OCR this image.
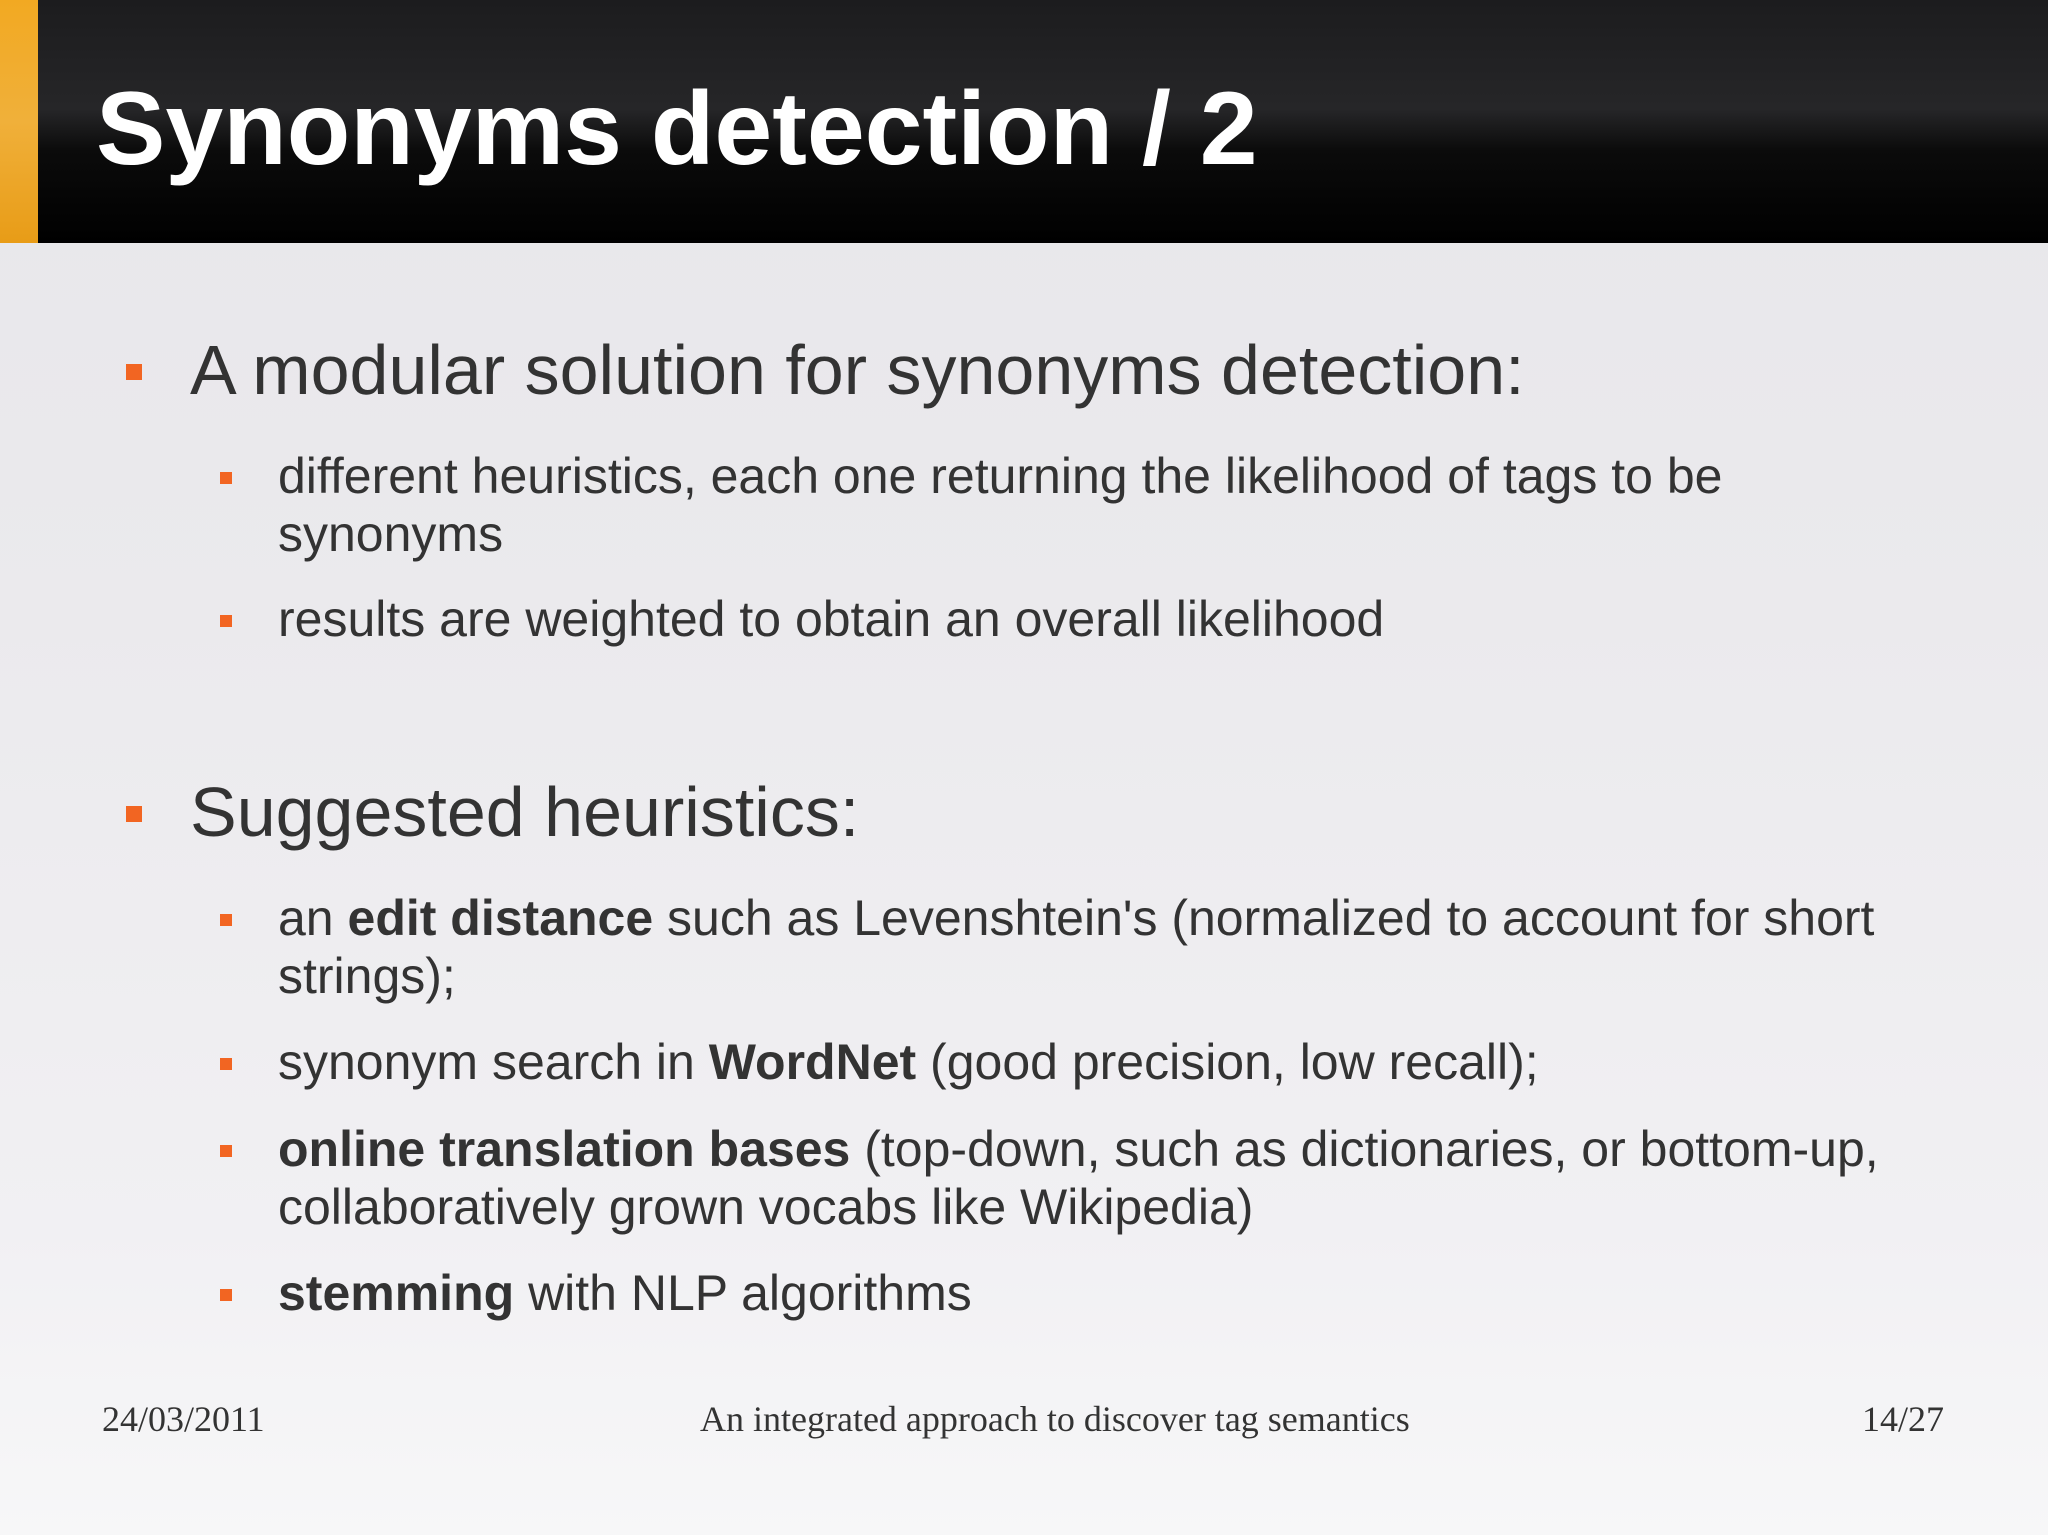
Synonyms detection / 2
A modular solution for synonyms detection:
different heuristics, each one returning the likelihood of tags to be
synonyms
results are weighted to obtain an overall likelihood
Suggested heuristics:
an edit distance such as Levenshtein's (normalized to account for short
strings);
synonym search in WordNet (good precision, low recall);
online translation bases (top-down, such as dictionaries, or bottom-up,
collaboratively grown vocabs like Wikipedia)
stemming with NLP algorithms
24/03/2011	An integrated approach to discover tag semantics	14/27
